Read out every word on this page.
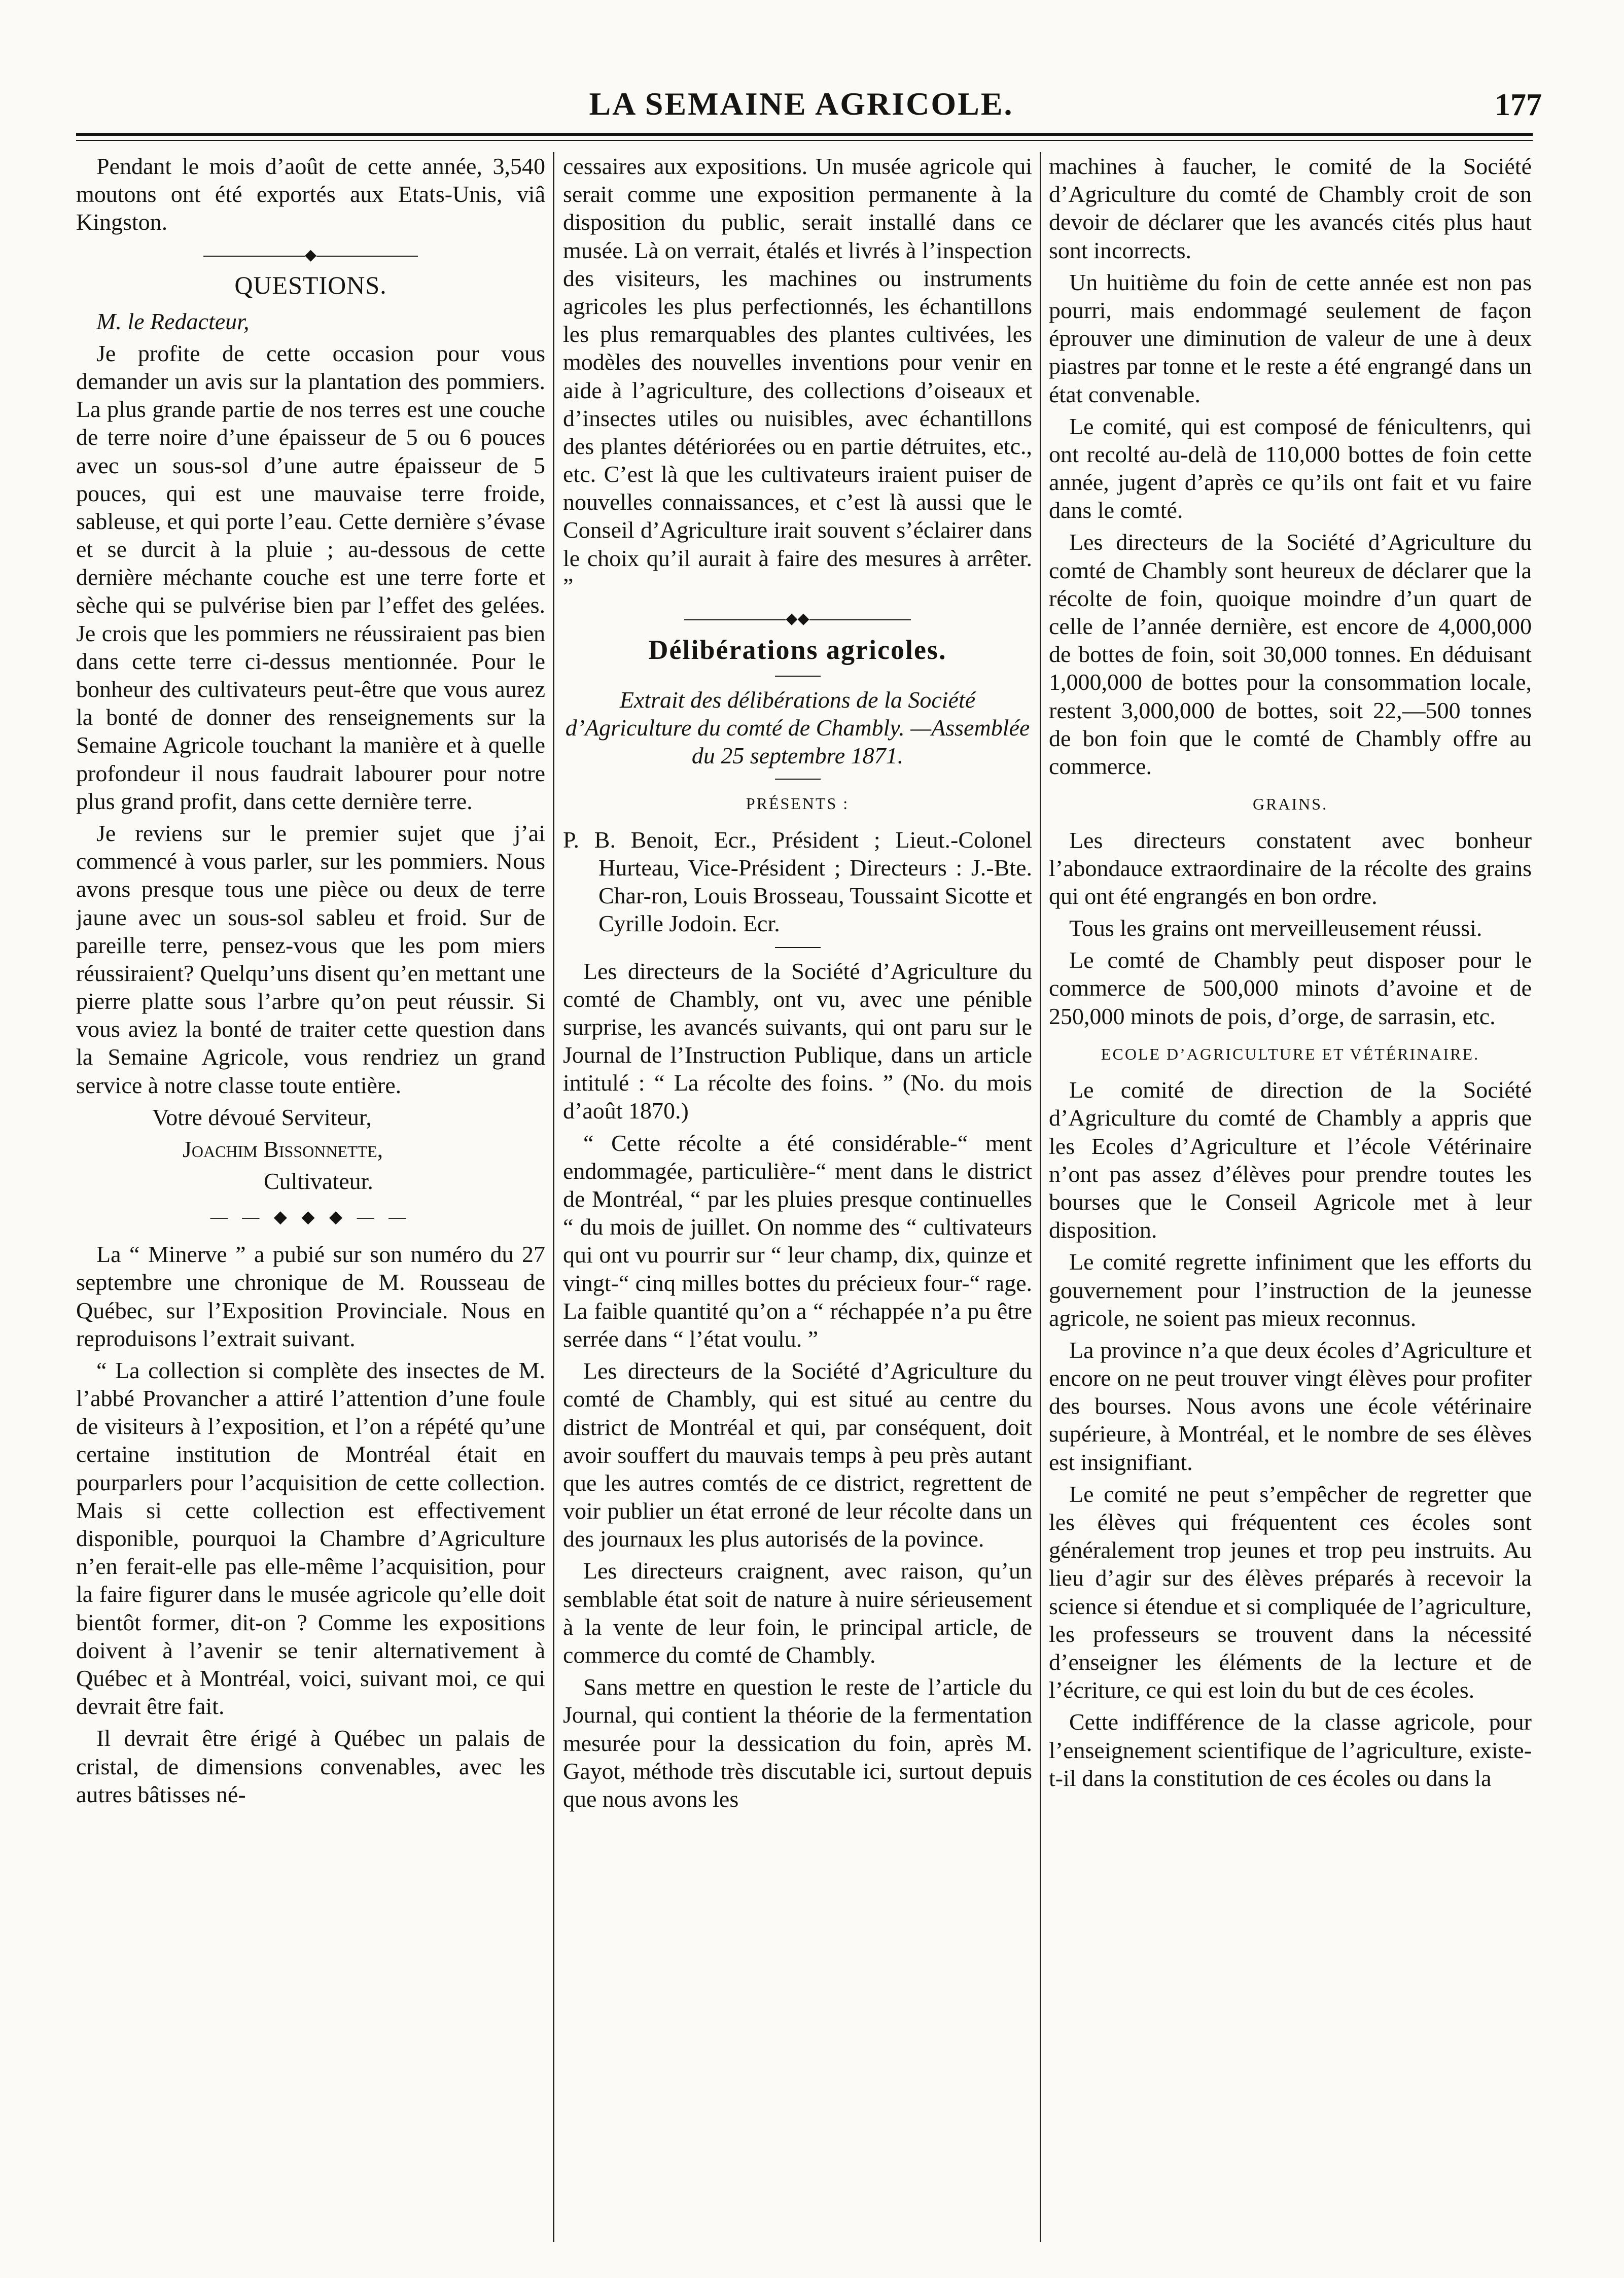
LA SEMAINE AGRICOLE.	177

Pendant le mois d’août de cette année, 3,540 moutons ont été exportés aux Etats-Unis, viâ Kingston.

◆
QUESTIONS.

M. le Redacteur,

Je profite de cette occasion pour vous demander un avis sur la plantation des pommiers. La plus grande partie de nos terres est une couche de terre noire d’une épaisseur de 5 ou 6 pouces avec un sous-sol d’une autre épaisseur de 5 pouces, qui est une mauvaise terre froide, sableuse, et qui porte l’eau. Cette dernière s’évase et se durcit à la pluie ; au-dessous de cette dernière méchante couche est une terre forte et sèche qui se pulvérise bien par l’effet des gelées. Je crois que les pommiers ne réussiraient pas bien dans cette terre ci-dessus mentionnée. Pour le bonheur des cultivateurs peut-être que vous aurez la bonté de donner des renseignements sur la Semaine Agricole touchant la manière et à quelle profondeur il nous faudrait labourer pour notre plus grand profit, dans cette dernière terre.

Je reviens sur le premier sujet que j’ai commencé à vous parler, sur les pommiers. Nous avons presque tous une pièce ou deux de terre jaune avec un sous-sol sableu et froid. Sur de pareille terre, pensez-vous que les pom miers réussiraient? Quelqu’uns disent qu’en mettant une pierre platte sous l’arbre qu’on peut réussir. Si vous aviez la bonté de traiter cette question dans la Semaine Agricole, vous rendriez un grand service à notre classe toute entière.

Votre dévoué Serviteur,

Joachim Bissonnette,

Cultivateur.

— — ◆ ◆ ◆ — —

La “ Minerve ” a pubié sur son numéro du 27 septembre une chronique de M. Rousseau de Québec, sur l’Exposition Provinciale. Nous en reproduisons l’extrait suivant.

“ La collection si complète des insectes de M. l’abbé Provancher a attiré l’attention d’une foule de visiteurs à l’exposition, et l’on a répété qu’une certaine institution de Montréal était en pourparlers pour l’acquisition de cette collection. Mais si cette collection est effectivement disponible, pourquoi la Chambre d’Agriculture n’en ferait-elle pas elle-même l’acquisition, pour la faire figurer dans le musée agricole qu’elle doit bientôt former, dit-on ? Comme les expositions doivent à l’avenir se tenir alternativement à Québec et à Montréal, voici, suivant moi, ce qui devrait être fait.

Il devrait être érigé à Québec un palais de cristal, de dimensions convenables, avec les autres bâtisses né-

cessaires aux expositions. Un musée agricole qui serait comme une exposition permanente à la disposition du public, serait installé dans ce musée. Là on verrait, étalés et livrés à l’inspection des visiteurs, les machines ou instruments agricoles les plus perfectionnés, les échantillons les plus remarquables des plantes cultivées, les modèles des nouvelles inventions pour venir en aide à l’agriculture, des collections d’oiseaux et d’insectes utiles ou nuisibles, avec échantillons des plantes détériorées ou en partie détruites, etc., etc. C’est là que les cultivateurs iraient puiser de nouvelles connaissances, et c’est là aussi que le Conseil d’Agriculture irait souvent s’éclairer dans le choix qu’il aurait à faire des mesures à arrêter. ”

◆◆
Délibérations agricoles.

Extrait des délibérations de la Société d’Agriculture du comté de Chambly. —Assemblée du 25 septembre 1871.

PRÉSENTS :

P. B. Benoit, Ecr., Président ; Lieut.-Colonel Hurteau, Vice-Président ; Directeurs : J.-Bte. Char-ron, Louis Brosseau, Toussaint Sicotte et Cyrille Jodoin. Ecr.

Les directeurs de la Société d’Agriculture du comté de Chambly, ont vu, avec une pénible surprise, les avancés suivants, qui ont paru sur le Journal de l’Instruction Publique, dans un article intitulé : “ La récolte des foins. ” (No. du mois d’août 1870.)

“ Cette récolte a été considérable-“ ment endommagée, particulière-“ ment dans le district de Montréal, “ par les pluies presque continuelles “ du mois de juillet. On nomme des “ cultivateurs qui ont vu pourrir sur “ leur champ, dix, quinze et vingt-“ cinq milles bottes du précieux four-“ rage. La faible quantité qu’on a “ réchappée n’a pu être serrée dans “ l’état voulu. ”

Les directeurs de la Société d’Agriculture du comté de Chambly, qui est situé au centre du district de Montréal et qui, par conséquent, doit avoir souffert du mauvais temps à peu près autant que les autres comtés de ce district, regrettent de voir publier un état erroné de leur récolte dans un des journaux les plus autorisés de la povince.

Les directeurs craignent, avec raison, qu’un semblable état soit de nature à nuire sérieusement à la vente de leur foin, le principal article, de commerce du comté de Chambly.

Sans mettre en question le reste de l’article du Journal, qui contient la théorie de la fermentation mesurée pour la dessication du foin, après M. Gayot, méthode très discutable ici, surtout depuis que nous avons les

machines à faucher, le comité de la Société d’Agriculture du comté de Chambly croit de son devoir de déclarer que les avancés cités plus haut sont incorrects.

Un huitième du foin de cette année est non pas pourri, mais endommagé seulement de façon éprouver une diminution de valeur de une à deux piastres par tonne et le reste a été engrangé dans un état convenable.

Le comité, qui est composé de fénicultenrs, qui ont recolté au-delà de 110,000 bottes de foin cette année, jugent d’après ce qu’ils ont fait et vu faire dans le comté.

Les directeurs de la Société d’Agriculture du comté de Chambly sont heureux de déclarer que la récolte de foin, quoique moindre d’un quart de celle de l’année dernière, est encore de 4,000,000 de bottes de foin, soit 30,000 tonnes. En déduisant 1,000,000 de bottes pour la consommation locale, restent 3,000,000 de bottes, soit 22,—500 tonnes de bon foin que le comté de Chambly offre au commerce.

GRAINS.

Les directeurs constatent avec bonheur l’abondauce extraordinaire de la récolte des grains qui ont été engrangés en bon ordre.

Tous les grains ont merveilleusement réussi.

Le comté de Chambly peut disposer pour le commerce de 500,000 minots d’avoine et de 250,000 minots de pois, d’orge, de sarrasin, etc.

ECOLE D’AGRICULTURE ET VÉTÉRINAIRE.

Le comité de direction de la Société d’Agriculture du comté de Chambly a appris que les Ecoles d’Agriculture et l’école Vétérinaire n’ont pas assez d’élèves pour prendre toutes les bourses que le Conseil Agricole met à leur disposition.

Le comité regrette infiniment que les efforts du gouvernement pour l’instruction de la jeunesse agricole, ne soient pas mieux reconnus.

La province n’a que deux écoles d’Agriculture et encore on ne peut trouver vingt élèves pour profiter des bourses. Nous avons une école vétérinaire supérieure, à Montréal, et le nombre de ses élèves est insignifiant.

Le comité ne peut s’empêcher de regretter que les élèves qui fréquentent ces écoles sont généralement trop jeunes et trop peu instruits. Au lieu d’agir sur des élèves préparés à recevoir la science si étendue et si compliquée de l’agriculture, les professeurs se trouvent dans la nécessité d’enseigner les éléments de la lecture et de l’écriture, ce qui est loin du but de ces écoles.

Cette indifférence de la classe agricole, pour l’enseignement scientifique de l’agriculture, existe-t-il dans la constitution de ces écoles ou dans la
